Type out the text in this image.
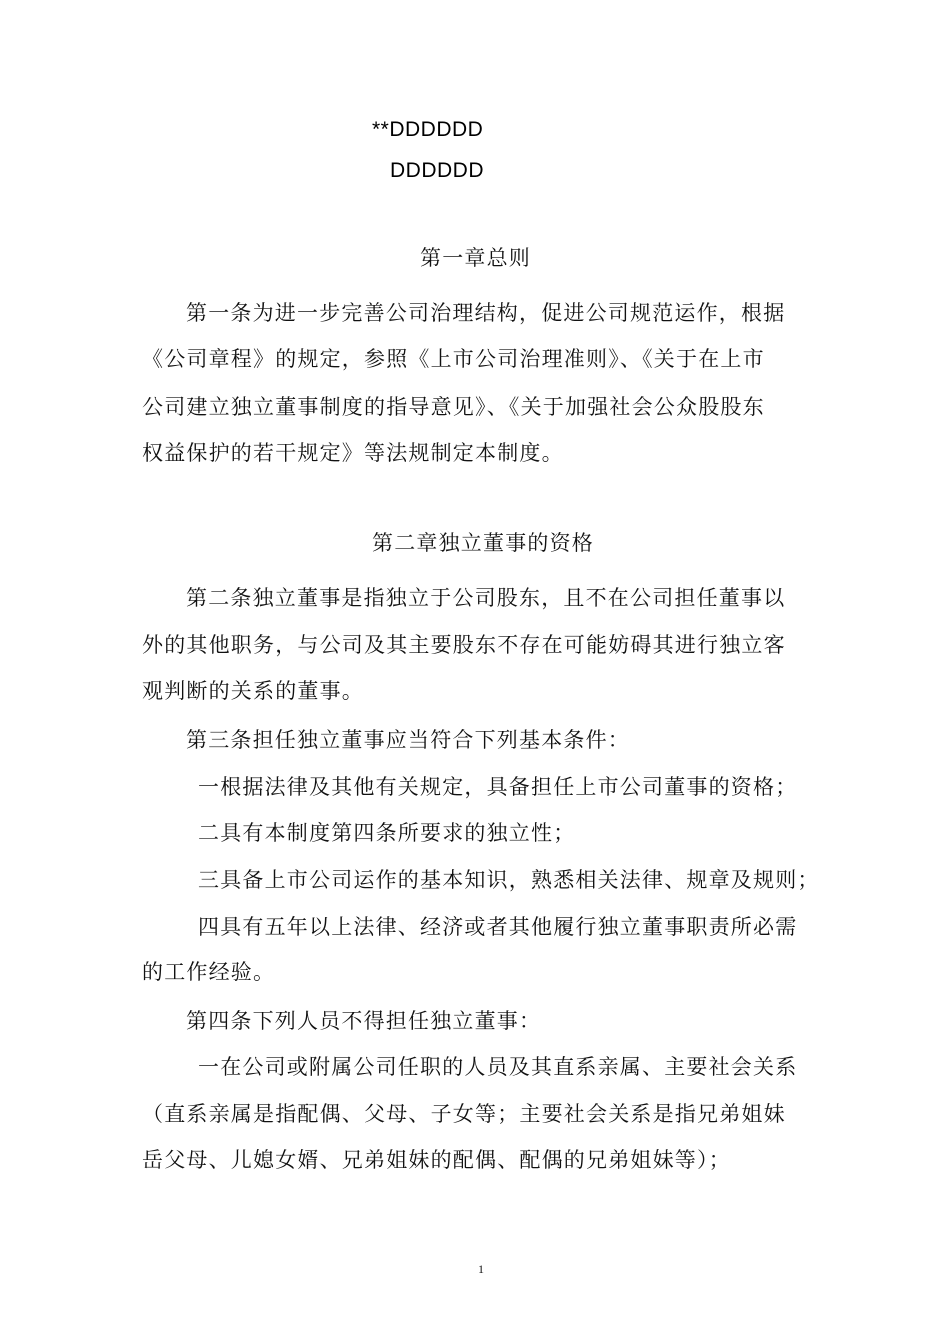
**DDDDDD
DDDDDD
第一章总则
第一条为进一步完善公司治理结构，促进公司规范运作，根据
《公司章程》的规定，参照《上市公司治理准则》、《关于在上市
公司建立独立董事制度的指导意见》、《关于加强社会公众股股东
权益保护的若干规定》等法规制定本制度。
第二章独立董事的资格
第二条独立董事是指独立于公司股东，且不在公司担任董事以
外的其他职务，与公司及其主要股东不存在可能妨碍其进行独立客
观判断的关系的董事。
第三条担任独立董事应当符合下列基本条件：
一根据法律及其他有关规定，具备担任上市公司董事的资格；
二具有本制度第四条所要求的独立性；
三具备上市公司运作的基本知识，熟悉相关法律、规章及规则；
四具有五年以上法律、经济或者其他履行独立董事职责所必需
的工作经验。
第四条下列人员不得担任独立董事：
一在公司或附属公司任职的人员及其直系亲属、主要社会关系
（直系亲属是指配偶、父母、子女等；主要社会关系是指兄弟姐妹
岳父母、儿媳女婿、兄弟姐妹的配偶、配偶的兄弟姐妹等）；
1
